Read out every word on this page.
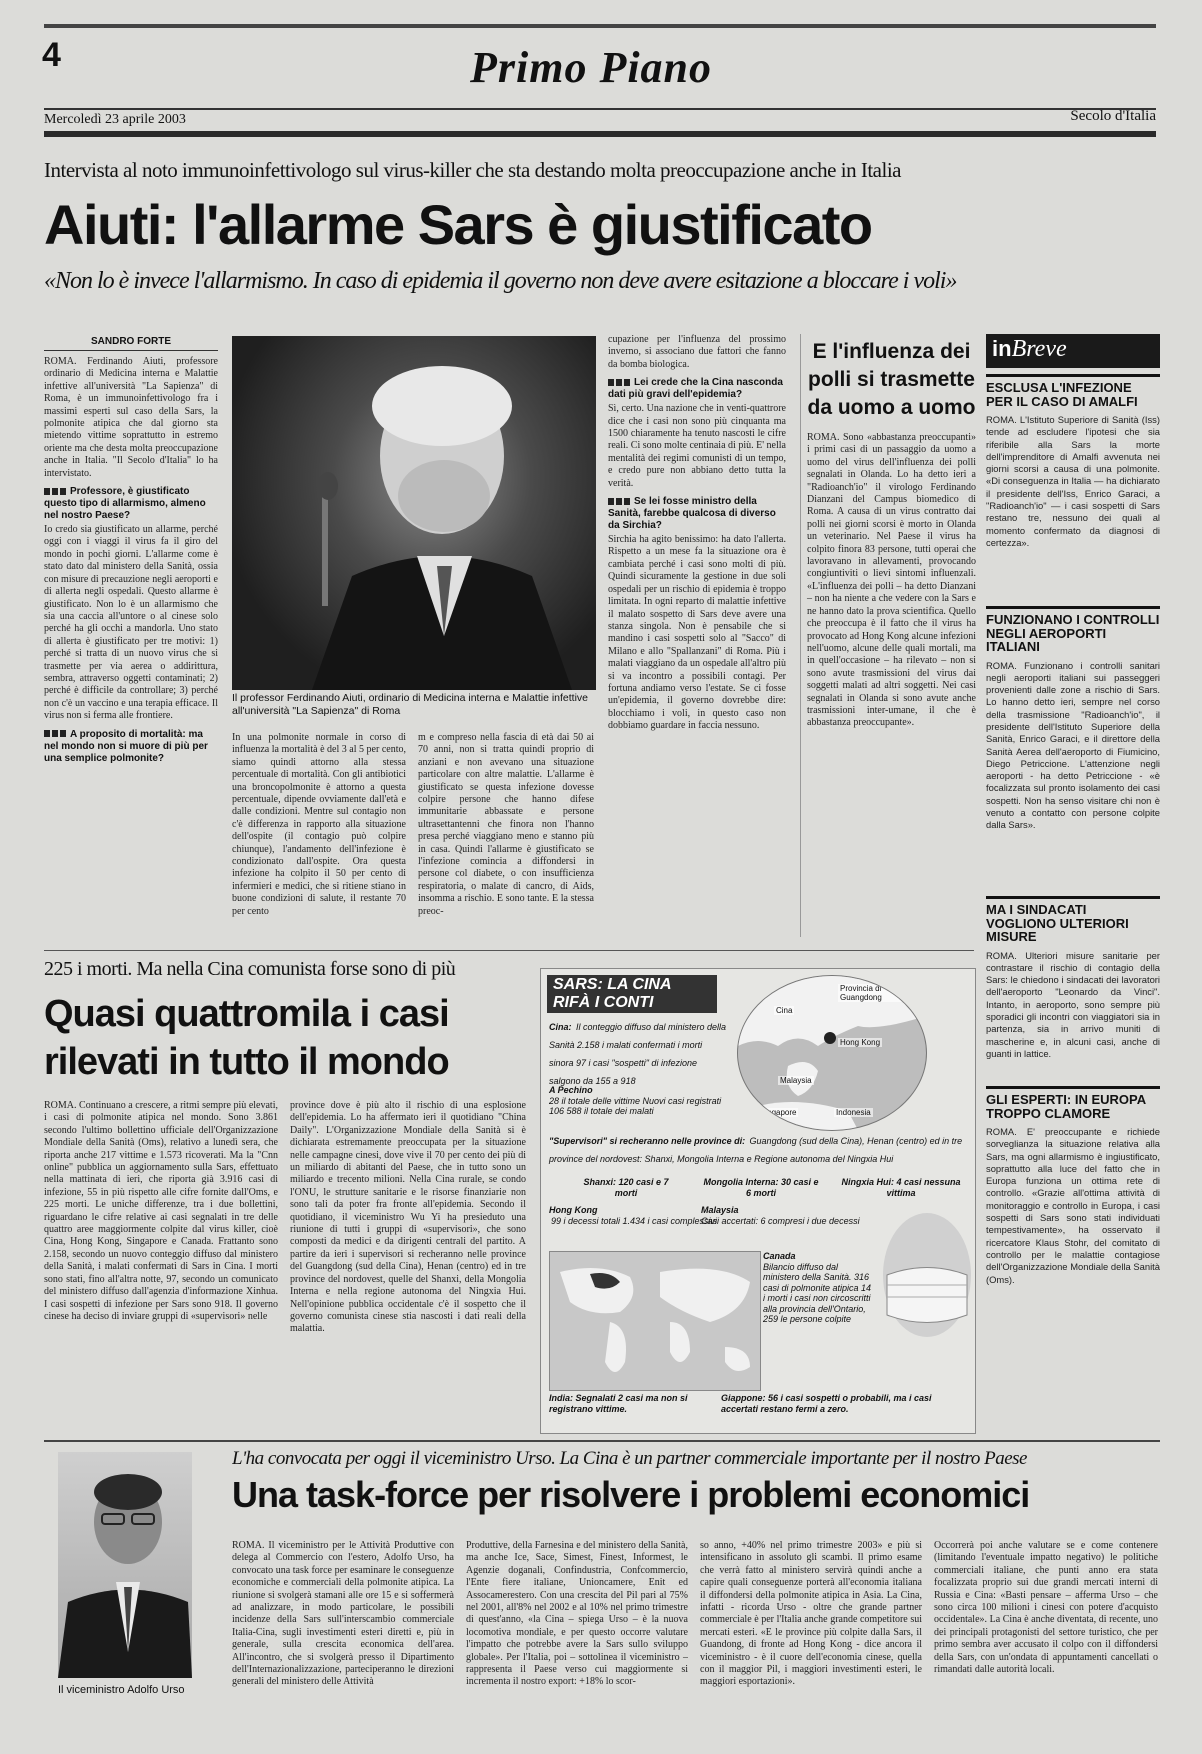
4	Primo Piano
Mercoledì 23 aprile 2003	Secolo d'Italia
Intervista al noto immunoinfettivologo sul virus-killer che sta destando molta preoccupazione anche in Italia
Aiuti: l'allarme Sars è giustificato
«Non lo è invece l'allarmismo. In caso di epidemia il governo non deve avere esitazione a bloccare i voli»
SANDRO FORTE
ROMA. Ferdinando Aiuti, professore ordinario di Medicina interna e Malattie infettive all'università "La Sapienza" di Roma, è un immunoinfettivologo fra i massimi esperti sul caso della Sars, la polmonite atipica che dal giorno sta mietendo vittime soprattutto in estremo oriente ma che desta molta preoccupazione anche in Italia. "Il Secolo d'Italia" lo ha intervistato.
Professore, è giustificato questo tipo di allarmismo, almeno nel nostro Paese?
Io credo sia giustificato un allarme, perché oggi con i viaggi il virus fa il giro del mondo in pochi giorni. L'allarme come è stato dato dal ministero della Sanità, ossia con misure di precauzione negli aeroporti e di allerta negli ospedali. Questo allarme è giustificato. Non lo è un allarmismo che sia una caccia all'untore o al cinese solo perché ha gli occhi a mandorla. Uno stato di allerta è giustificato per tre motivi: 1) perché si tratta di un nuovo virus che si trasmette per via aerea o addirittura, sembra, attraverso oggetti contaminati; 2) perché è difficile da controllare; 3) perché non c'è un vaccino e una terapia efficace. Il virus non si ferma alle frontiere.
A proposito di mortalità: ma nel mondo non si muore di più per una semplice polmonite?
Il professor Ferdinando Aiuti, ordinario di Medicina interna e Malattie infettive all'università "La Sapienza" di Roma
In una polmonite normale in corso di influenza la mortalità è del 3 al 5 per cento, siamo quindi attorno alla stessa percentuale di mortalità. Con gli antibiotici una broncopolmonite è attorno a questa percentuale, dipende ovviamente dall'età e dalle condizioni. Mentre sul contagio non c'è differenza in rapporto alla situazione dell'ospite (il contagio può colpire chiunque), l'andamento dell'infezione è condizionato dall'ospite. Ora questa infezione ha colpito il 50 per cento di infermieri e medici, che si ritiene stiano in buone condizioni di salute, il restante 70 per cento
m e compreso nella fascia di età dai 50 ai 70 anni, non si tratta quindi proprio di anziani e non avevano una situazione particolare con altre malattie. L'allarme è giustificato se questa infezione dovesse colpire persone che hanno difese immunitarie abbassate e persone ultrasettantenni che finora non l'hanno presa perché viaggiano meno e stanno più in casa. Quindi l'allarme è giustificato se l'infezione comincia a diffondersi in persone col diabete, o con insufficienza respiratoria, o malate di cancro, di Aids, insomma a rischio. E sono tante. E la stessa preoc-
cupazione per l'influenza del prossimo inverno, si associano due fattori che fanno da bomba biologica.
Lei crede che la Cina nasconda dati più gravi dell'epidemia?
Sì, certo. Una nazione che in venti-quattrore dice che i casi non sono più cinquanta ma 1500 chiaramente ha tenuto nascosti le cifre reali. Ci sono molte centinaia di più. E' nella mentalità dei regimi comunisti di un tempo, e credo pure non abbiano detto tutta la verità.
Se lei fosse ministro della Sanità, farebbe qualcosa di diverso da Sirchia?
Sirchia ha agito benissimo: ha dato l'allerta. Rispetto a un mese fa la situazione ora è cambiata perché i casi sono molti di più. Quindi sicuramente la gestione in due soli ospedali per un rischio di epidemia è troppo limitata. In ogni reparto di malattie infettive il malato sospetto di Sars deve avere una stanza singola. Non è pensabile che si mandino i casi sospetti solo al "Sacco" di Milano e allo "Spallanzani" di Roma. Più i malati viaggiano da un ospedale all'altro più si va incontro a possibili contagi. Per fortuna andiamo verso l'estate. Se ci fosse un'epidemia, il governo dovrebbe dire: blocchiamo i voli, in questo caso non dobbiamo guardare in faccia nessuno.
E l'influenza dei polli si trasmette da uomo a uomo
ROMA. Sono «abbastanza preoccupanti» i primi casi di un passaggio da uomo a uomo del virus dell'influenza dei polli segnalati in Olanda. Lo ha detto ieri a "Radioanch'io" il virologo Ferdinando Dianzani del Campus biomedico di Roma. A causa di un virus contratto dai polli nei giorni scorsi è morto in Olanda un veterinario. Nel Paese il virus ha colpito finora 83 persone, tutti operai che lavoravano in allevamenti, provocando congiuntiviti o lievi sintomi influenzali. «L'influenza dei polli – ha detto Dianzani – non ha niente a che vedere con la Sars e ne hanno dato la prova scientifica. Quello che preoccupa è il fatto che il virus ha provocato ad Hong Kong alcune infezioni nell'uomo, alcune delle quali mortali, ma in quell'occasione – ha rilevato – non si sono avute trasmissioni del virus dai soggetti malati ad altri soggetti. Nei casi segnalati in Olanda si sono avute anche trasmissioni inter-umane, il che è abbastanza preoccupante».
inBreve
ESCLUSA L'INFEZIONE PER IL CASO DI AMALFI
ROMA. L'Istituto Superiore di Sanità (Iss) tende ad escludere l'ipotesi che sia riferibile alla Sars la morte dell'imprenditore di Amalfi avvenuta nei giorni scorsi a causa di una polmonite. «Di conseguenza in Italia — ha dichiarato il presidente dell'Iss, Enrico Garaci, a "Radioanch'io" — i casi sospetti di Sars restano tre, nessuno dei quali al momento confermato da diagnosi di certezza».
FUNZIONANO I CONTROLLI NEGLI AEROPORTI ITALIANI
ROMA. Funzionano i controlli sanitari negli aeroporti italiani sui passeggeri provenienti dalle zone a rischio di Sars. Lo hanno detto ieri, sempre nel corso della trasmissione "Radioanch'io", il presidente dell'Istituto Superiore della Sanità, Enrico Garaci, e il direttore della Sanità Aerea dell'aeroporto di Fiumicino, Diego Petriccione. L'attenzione negli aeroporti - ha detto Petriccione - «è focalizzata sul pronto isolamento dei casi sospetti. Non ha senso visitare chi non è venuto a contatto con persone colpite dalla Sars».
MA I SINDACATI VOGLIONO ULTERIORI MISURE
ROMA. Ulteriori misure sanitarie per contrastare il rischio di contagio della Sars: le chiedono i sindacati dei lavoratori dell'aeroporto "Leonardo da Vinci". Intanto, in aeroporto, sono sempre più sporadici gli incontri con viaggiatori sia in partenza, sia in arrivo muniti di mascherine e, in alcuni casi, anche di guanti in lattice.
GLI ESPERTI: IN EUROPA TROPPO CLAMORE
ROMA. E' preoccupante e richiede sorveglianza la situazione relativa alla Sars, ma ogni allarmismo è ingiustificato, soprattutto alla luce del fatto che in Europa funziona un ottima rete di controllo. «Grazie all'ottima attività di monitoraggio e controllo in Europa, i casi sospetti di Sars sono stati individuati tempestivamente», ha osservato il ricercatore Klaus Stohr, del comitato di controllo per le malattie contagiose dell'Organizzazione Mondiale della Sanità (Oms).
225 i morti. Ma nella Cina comunista forse sono di più
Quasi quattromila i casi rilevati in tutto il mondo
ROMA. Continuano a crescere, a ritmi sempre più elevati, i casi di polmonite atipica nel mondo. Sono 3.861 secondo l'ultimo bollettino ufficiale dell'Organizzazione Mondiale della Sanità (Oms), relativo a lunedì sera, che riporta anche 217 vittime e 1.573 ricoverati. Ma la "Cnn online" pubblica un aggiornamento sulla Sars, effettuato nella mattinata di ieri, che riporta già 3.916 casi di infezione, 55 in più rispetto alle cifre fornite dall'Oms, e 225 morti. Le uniche differenze, tra i due bollettini, riguardano le cifre relative ai casi segnalati in tre delle quattro aree maggiormente colpite dal virus killer, cioè Cina, Hong Kong, Singapore e Canada. Frattanto sono 2.158, secondo un nuovo conteggio diffuso dal ministero della Sanità, i malati confermati di Sars in Cina. I morti sono stati, fino all'altra notte, 97, secondo un comunicato del ministero diffuso dall'agenzia d'informazione Xinhua. I casi sospetti di infezione per Sars sono 918. Il governo cinese ha deciso di inviare gruppi di «supervisori» nelle
province dove è più alto il rischio di una esplosione dell'epidemia. Lo ha affermato ieri il quotidiano "China Daily". L'Organizzazione Mondiale della Sanità si è dichiarata estremamente preoccupata per la situazione nelle campagne cinesi, dove vive il 70 per cento dei più di un miliardo di abitanti del Paese, che in tutto sono un miliardo e trecento milioni. Nella Cina rurale, se condo l'ONU, le strutture sanitarie e le risorse finanziarie non sono tali da poter fra fronte all'epidemia. Secondo il quotidiano, il viceministro Wu Yi ha presieduto una riunione di tutti i gruppi di «supervisori», che sono composti da medici e da dirigenti centrali del partito. A partire da ieri i supervisori si recheranno nelle province del Guangdong (sud della Cina), Henan (centro) ed in tre province del nordovest, quelle del Shanxi, della Mongolia Interna e nella regione autonoma del Ningxia Hui. Nell'opinione pubblica occidentale c'è il sospetto che il governo comunista cinese stia nascosti i dati reali della malattia.
SARS: LA CINA
RIFÀ I CONTI
Cina: Il conteggio diffuso dal ministero della Sanità 2.158 i malati confermati i morti sinora 97 i casi "sospetti" di infezione salgono da 155 a 918
A Pechino
28 il totale delle vittime Nuovi casi registrati 106 588 il totale dei malati
"Supervisori" si recheranno nelle province di: Guangdong (sud della Cina), Henan (centro) ed in tre province del nordovest: Shanxi, Mongolia Interna e Regione autonoma del Ningxia Hui
Provincia di Guangdong
Cina
Hong Kong
Malaysia
Singapore	Indonesia
Shanxi: 120 casi e 7 morti
Mongolia Interna: 30 casi e 6 morti
Ningxia Hui: 4 casi nessuna vittima
Hong Kong
99 i decessi totali 1.434 i casi complessivi
Malaysia
Casi accertati: 6 compresi i due decessi
Canada
Bilancio diffuso dal ministero della Sanità. 316 casi di polmonite atipica 14 i morti i casi non circoscritti alla provincia dell'Ontario, 259 le persone colpite
India: Segnalati 2 casi ma non si registrano vittime.
Giappone: 56 i casi sospetti o probabili, ma i casi accertati restano fermi a zero.
Il viceministro Adolfo Urso
L'ha convocata per oggi il viceministro Urso. La Cina è un partner commerciale importante per il nostro Paese
Una task-force per risolvere i problemi economici
ROMA. Il viceministro per le Attività Produttive con delega al Commercio con l'estero, Adolfo Urso, ha convocato una task force per esaminare le conseguenze economiche e commerciali della polmonite atipica. La riunione si svolgerà stamani alle ore 15 e si soffermerà ad analizzare, in modo particolare, le possibili incidenze della Sars sull'interscambio commerciale Italia-Cina, sugli investimenti esteri diretti e, più in generale, sulla crescita economica dell'area. All'incontro, che si svolgerà presso il Dipartimento dell'Internazionalizzazione, parteciperanno le direzioni generali del ministero delle Attività
Produttive, della Farnesina e del ministero della Sanità, ma anche Ice, Sace, Simest, Finest, Informest, le Agenzie doganali, Confindustria, Confcommercio, l'Ente fiere italiane, Unioncamere, Enit ed Assocamerestero. Con una crescita del Pil pari al 75% nel 2001, all'8% nel 2002 e al 10% nel primo trimestre di quest'anno, «la Cina – spiega Urso – è la nuova locomotiva mondiale, e per questo occorre valutare l'impatto che potrebbe avere la Sars sullo sviluppo globale». Per l'Italia, poi – sottolinea il viceministro – rappresenta il Paese verso cui maggiormente si incrementa il nostro export: +18% lo scor-
so anno, +40% nel primo trimestre 2003» e più si intensificano in assoluto gli scambi. Il primo esame che verrà fatto al ministero servirà quindi anche a capire quali conseguenze porterà all'economia italiana il diffondersi della polmonite atipica in Asia. La Cina, infatti - ricorda Urso - oltre che grande partner commerciale è per l'Italia anche grande competitore sui mercati esteri. «E le province più colpite dalla Sars, il Guandong, di fronte ad Hong Kong - dice ancora il viceministro - è il cuore dell'economia cinese, quella con il maggior Pil, i maggiori investimenti esteri, le maggiori esportazioni».
Occorrerà poi anche valutare se e come contenere (limitando l'eventuale impatto negativo) le politiche commerciali italiane, che punti anno era stata focalizzata proprio sui due grandi mercati interni di Russia e Cina: «Basti pensare – afferma Urso – che sono circa 100 milioni i cinesi con potere d'acquisto occidentale». La Cina è anche diventata, di recente, uno dei principali protagonisti del settore turistico, che per primo sembra aver accusato il colpo con il diffondersi della Sars, con un'ondata di appuntamenti cancellati o rimandati dalle autorità locali.
